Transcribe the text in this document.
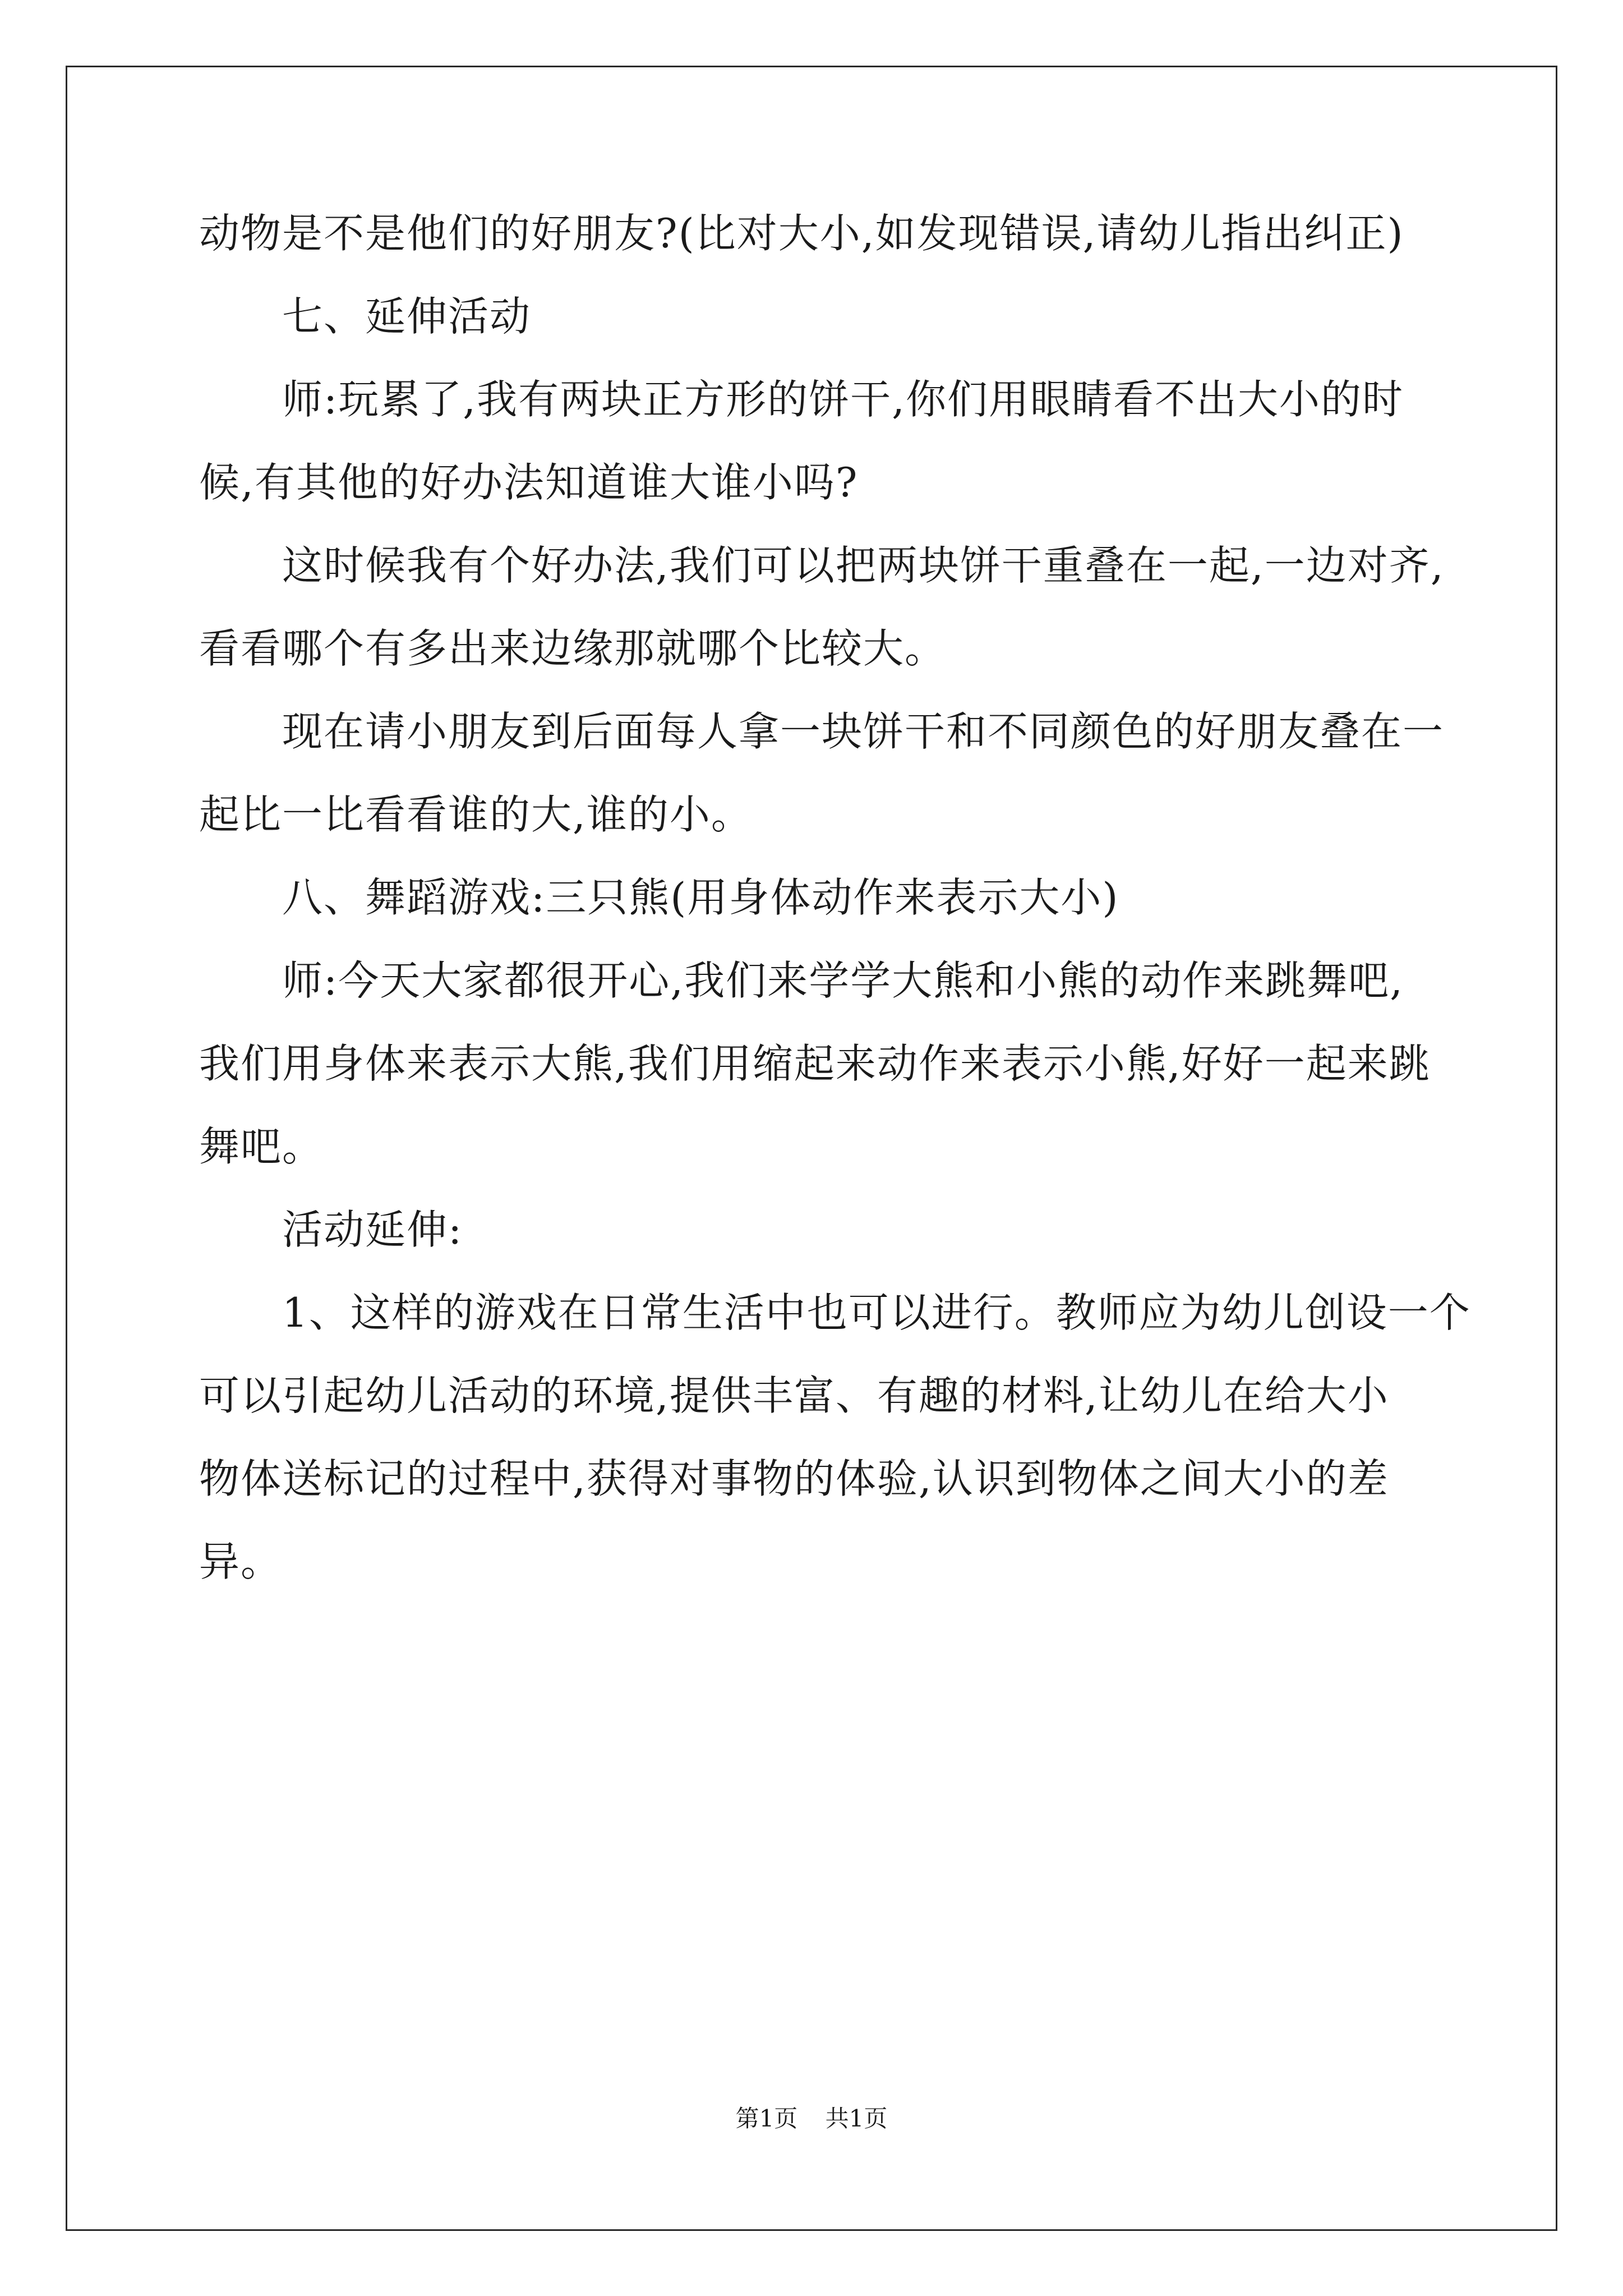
动物是不是他们的好朋友?(比对大小,如发现错误,请幼儿指出纠正)
七、延伸活动
师:玩累了,我有两块正方形的饼干,你们用眼睛看不出大小的时
候,有其他的好办法知道谁大谁小吗?
这时候我有个好办法,我们可以把两块饼干重叠在一起,一边对齐,
看看哪个有多出来边缘那就哪个比较大。
现在请小朋友到后面每人拿一块饼干和不同颜色的好朋友叠在一
起比一比看看谁的大,谁的小。
八、舞蹈游戏:三只熊(用身体动作来表示大小)
师:今天大家都很开心,我们来学学大熊和小熊的动作来跳舞吧,
我们用身体来表示大熊,我们用缩起来动作来表示小熊,好好一起来跳
舞吧。
活动延伸:
1、这样的游戏在日常生活中也可以进行。教师应为幼儿创设一个
可以引起幼儿活动的环境,提供丰富、有趣的材料,让幼儿在给大小
物体送标记的过程中,获得对事物的体验,认识到物体之间大小的差
异。
第1页 共1页
